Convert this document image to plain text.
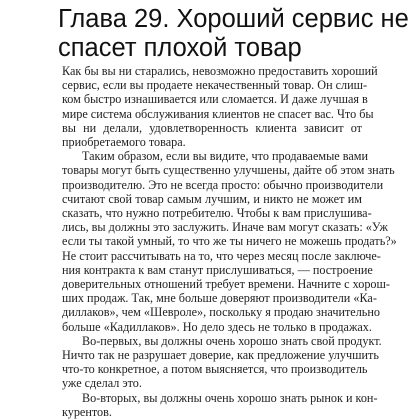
Глава 29. Хороший сервис не
спасет плохой товар
Как бы вы ни старались, невозможно предоставить хороший
сервис, если вы продаете некачественный товар. Он слиш-
ком быстро изнашивается или сломается. И даже лучшая в
мире система обслуживания клиентов не спасет вас. Что бы
вы ни делали, удовлетворенность клиента зависит от
приобретаемого товара.
Таким образом, если вы видите, что продаваемые вами
товары могут быть существенно улучшены, дайте об этом знать
производителю. Это не всегда просто: обычно производители
считают свой товар самым лучшим, и никто не может им
сказать, что нужно потребителю. Чтобы к вам прислушива-
лись, вы должны это заслужить. Иначе вам могут сказать: «Уж
если ты такой умный, то что же ты ничего не можешь продать?»
Не стоит рассчитывать на то, что через месяц после заключе-
ния контракта к вам станут прислушиваться, — построение
доверительных отношений требует времени. Начните с хорош-
ших продаж. Так, мне больше доверяют производители «Ка-
диллаков», чем «Шевроле», поскольку я продаю значительно
больше «Кадиллаков». Но дело здесь не только в продажах.
Во-первых, вы должны очень хорошо знать свой продукт.
Ничто так не разрушает доверие, как предложение улучшить
что-то конкретное, а потом выясняется, что производитель
уже сделал это.
Во-вторых, вы должны очень хорошо знать рынок и кон-
курентов.
